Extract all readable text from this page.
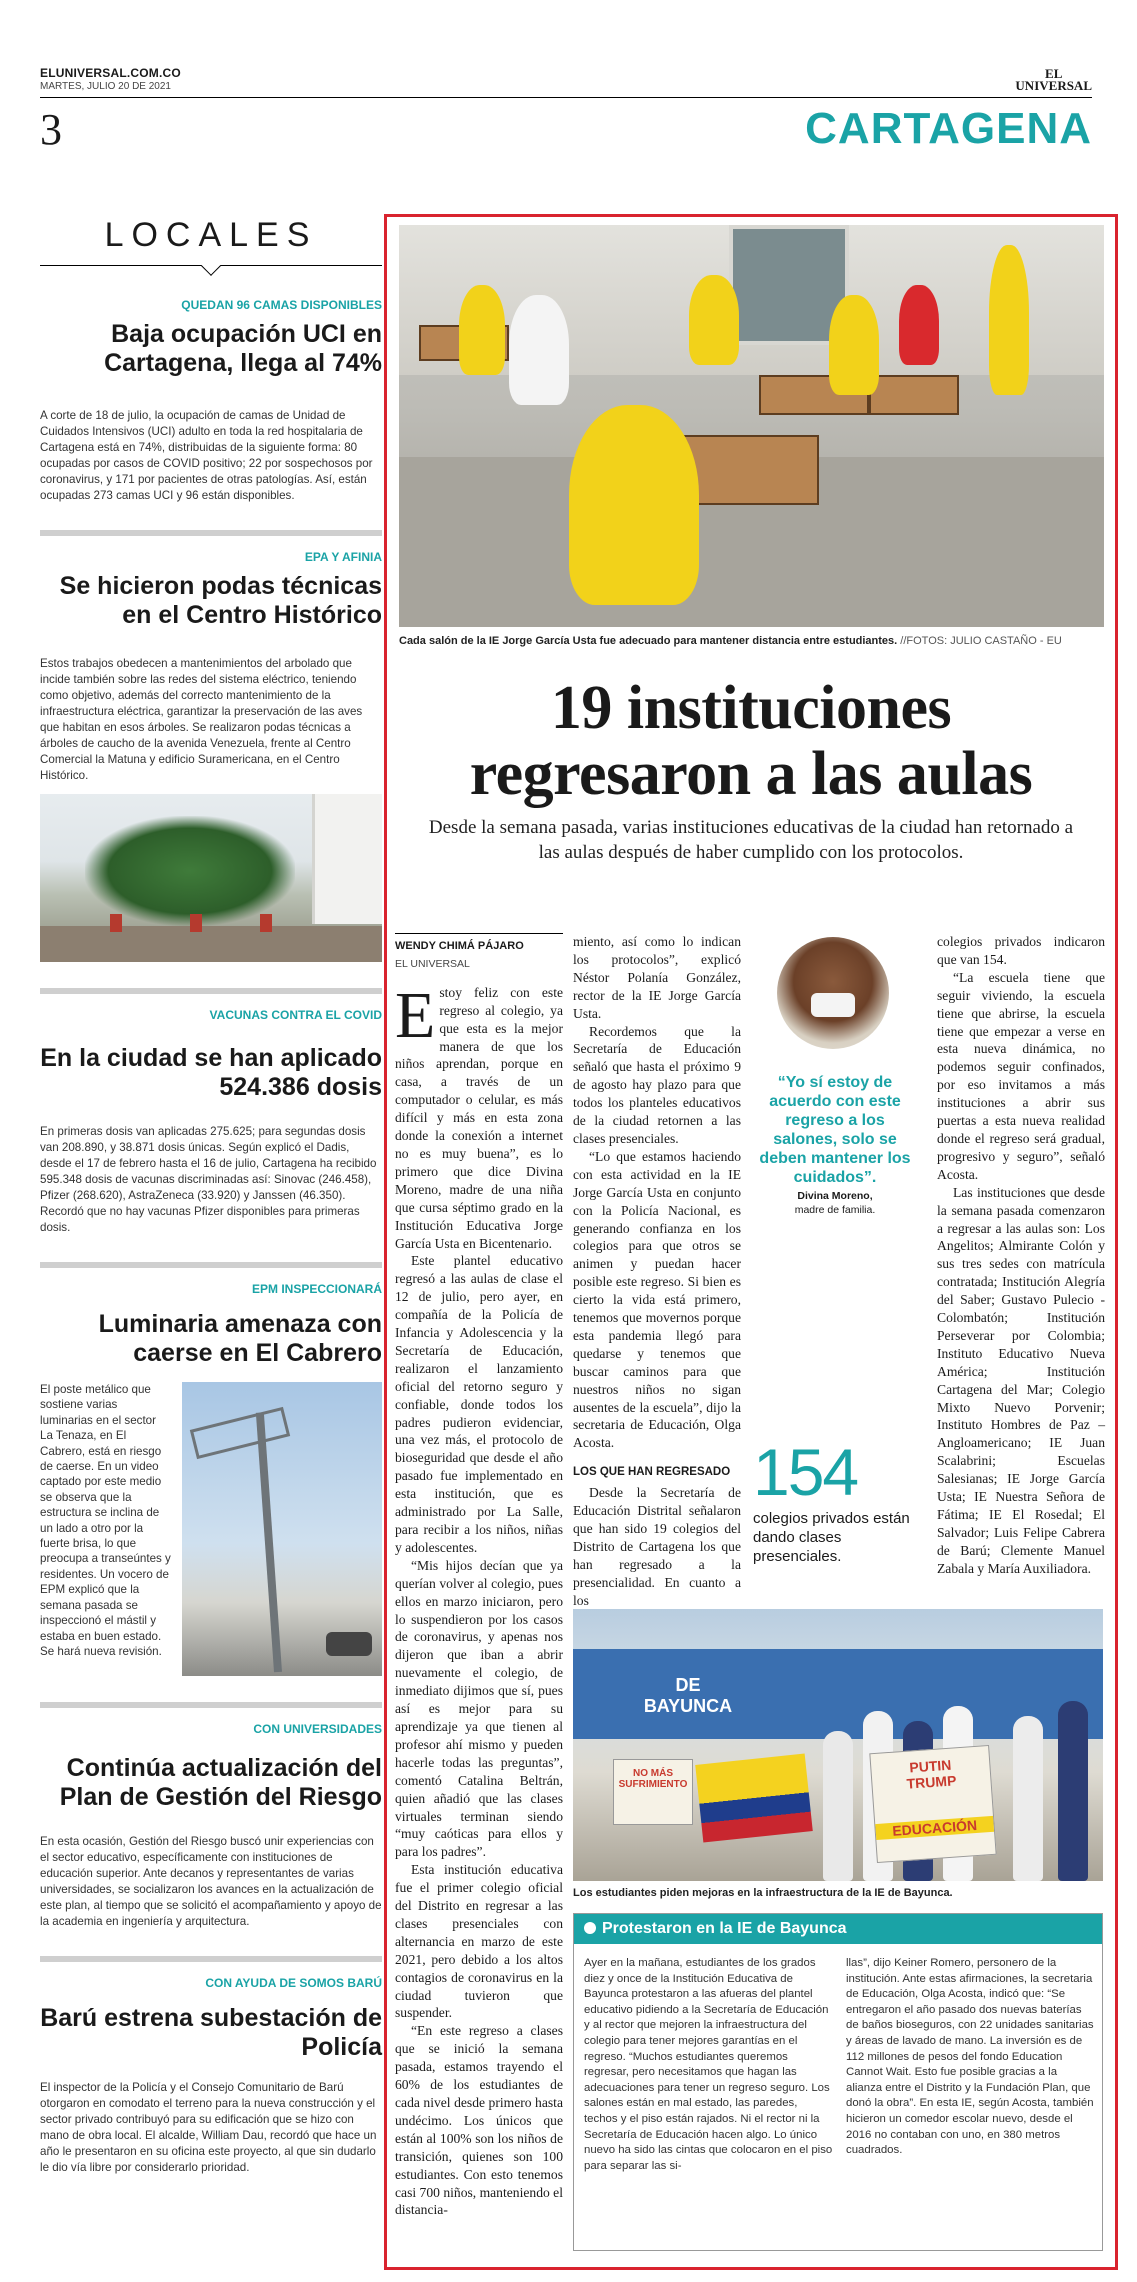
ELUNIVERSAL.COM.CO
MARTES, JULIO 20 DE 2021
EL
UNIVERSAL
3	CARTAGENA
LOCALES
QUEDAN 96 CAMAS DISPONIBLES
Baja ocupación UCI en Cartagena, llega al 74%
A corte de 18 de julio, la ocupación de camas de Unidad de Cuidados Intensivos (UCI) adulto en toda la red hospitalaria de Cartagena está en 74%, distribuidas de la siguiente forma: 80 ocupadas por casos de COVID positivo; 22 por sospechosos por coronavirus, y 171 por pacientes de otras patologías. Así, están ocupadas 273 camas UCI y 96 están disponibles.
EPA Y AFINIA
Se hicieron podas técnicas en el Centro Histórico
Estos trabajos obedecen a mantenimientos del arbolado que incide también sobre las redes del sistema eléctrico, teniendo como objetivo, además del correcto mantenimiento de la infraestructura eléctrica, garantizar la preservación de las aves que habitan en esos árboles. Se realizaron podas técnicas a árboles de caucho de la avenida Venezuela, frente al Centro Comercial la Matuna y edificio Suramericana, en el Centro Histórico.
VACUNAS CONTRA EL COVID
En la ciudad se han aplicado 524.386 dosis
En primeras dosis van aplicadas 275.625; para segundas dosis van 208.890, y 38.871 dosis únicas. Según explicó el Dadis, desde el 17 de febrero hasta el 16 de julio, Cartagena ha recibido 595.348 dosis de vacunas discriminadas así: Sinovac (246.458), Pfizer (268.620), AstraZeneca (33.920) y Janssen (46.350). Recordó que no hay vacunas Pfizer disponibles para primeras dosis.
EPM INSPECCIONARÁ
Luminaria amenaza con caerse en El Cabrero
El poste metálico que sostiene varias luminarias en el sector La Tenaza, en El Cabrero, está en riesgo de caerse. En un video captado por este medio se observa que la estructura se inclina de un lado a otro por la fuerte brisa, lo que preocupa a transeúntes y residentes. Un vocero de EPM explicó que la semana pasada se inspeccionó el mástil y estaba en buen estado. Se hará nueva revisión.
CON UNIVERSIDADES
Continúa actualización del Plan de Gestión del Riesgo
En esta ocasión, Gestión del Riesgo buscó unir experiencias con el sector educativo, específicamente con instituciones de educación superior. Ante decanos y representantes de varias universidades, se socializaron los avances en la actualización de este plan, al tiempo que se solicitó el acompañamiento y apoyo de la academia en ingeniería y arquitectura.
CON AYUDA DE SOMOS BARÚ
Barú estrena subestación de Policía
El inspector de la Policía y el Consejo Comunitario de Barú otorgaron en comodato el terreno para la nueva construcción y el sector privado contribuyó para su edificación que se hizo con mano de obra local. El alcalde, William Dau, recordó que hace un año le presentaron en su oficina este proyecto, al que sin dudarlo le dio vía libre por considerarlo prioridad.
Cada salón de la IE Jorge García Usta fue adecuado para mantener distancia entre estudiantes. //FOTOS: JULIO CASTAÑO - EU
19 instituciones
regresaron a las aulas
Desde la semana pasada, varias instituciones educativas de la ciudad han retornado a las aulas después de haber cumplido con los protocolos.
WENDY CHIMÁ PÁJARO
EL UNIVERSAL

Estoy feliz con este regreso al colegio, ya que esta es la mejor manera de que los niños aprendan, porque en casa, a través de un computador o celular, es más difícil y más en esta zona donde la conexión a internet no es muy buena”, es lo primero que dice Divina Moreno, madre de una niña que cursa séptimo grado en la Institución Educativa Jorge García Usta en Bicentenario.

Este plantel educativo regresó a las aulas de clase el 12 de julio, pero ayer, en compañía de la Policía de Infancia y Adolescencia y la Secretaría de Educación, realizaron el lanzamiento oficial del retorno seguro y confiable, donde todos los padres pudieron evidenciar, una vez más, el protocolo de bioseguridad que desde el año pasado fue implementado en esta institución, que es administrado por La Salle, para recibir a los niños, niñas y adolescentes.

“Mis hijos decían que ya querían volver al colegio, pues ellos en marzo iniciaron, pero lo suspendieron por los casos de coronavirus, y apenas nos dijeron que iban a abrir nuevamente el colegio, de inmediato dijimos que sí, pues así es mejor para su aprendizaje ya que tienen al profesor ahí mismo y pueden hacerle todas las preguntas”, comentó Catalina Beltrán, quien añadió que las clases virtuales terminan siendo “muy caóticas para ellos y para los padres”.

Esta institución educativa fue el primer colegio oficial del Distrito en regresar a las clases presenciales con alternancia en marzo de este 2021, pero debido a los altos contagios de coronavirus en la ciudad tuvieron que suspender.

“En este regreso a clases que se inició la semana pasada, estamos trayendo el 60% de los estudiantes de cada nivel desde primero hasta undécimo. Los únicos que están al 100% son los niños de transición, quienes son 100 estudiantes. Con esto tenemos casi 700 niños, manteniendo el distancia-

miento, así como lo indican los protocolos”, explicó Néstor Polanía González, rector de la IE Jorge García Usta.

Recordemos que la Secretaría de Educación señaló que hasta el próximo 9 de agosto hay plazo para que todos los planteles educativos de la ciudad retornen a las clases presenciales.

“Lo que estamos haciendo con esta actividad en la IE Jorge García Usta en conjunto con la Policía Nacional, es generando confianza en los colegios para que otros se animen y puedan hacer posible este regreso. Si bien es cierto la vida está primero, tenemos que movernos porque esta pandemia llegó para quedarse y tenemos que buscar caminos para que nuestros niños no sigan ausentes de la escuela”, dijo la secretaria de Educación, Olga Acosta.

LOS QUE HAN REGRESADO

Desde la Secretaría de Educación Distrital señalaron que han sido 19 colegios del Distrito de Cartagena los que han regresado a la presencialidad. En cuanto a los

“Yo sí estoy de acuerdo con este regreso a los salones, solo se deben mantener los cuidados”.
Divina Moreno,
madre de familia.
154
colegios privados están dando clases presenciales.

colegios privados indicaron que van 154.

“La escuela tiene que seguir viviendo, la escuela tiene que abrirse, la escuela tiene que empezar a verse en esta nueva dinámica, no podemos seguir confinados, por eso invitamos a más instituciones a abrir sus puertas a esta nueva realidad donde el regreso será gradual, progresivo y seguro”, señaló Acosta.

Las instituciones que desde la semana pasada comenzaron a regresar a las aulas son: Los Angelitos; Almirante Colón y sus tres sedes con matrícula contratada; Institución Alegría del Saber; Gustavo Pulecio -Colombatón; Institución Perseverar por Colombia; Instituto Educativo Nueva América; Institución Cartagena del Mar; Colegio Mixto Nuevo Porvenir; Instituto Hombres de Paz – Angloamericano; IE Juan Scalabrini; Escuelas Salesianas; IE Jorge García Usta; IE Nuestra Señora de Fátima; IE El Rosedal; El Salvador; Luis Felipe Cabrera de Barú; Clemente Manuel Zabala y María Auxiliadora.

DE BAYUNCA
NO MÁS SUFRIMIENTO
PUTIN
TRUMP
EDUCACIÓN
Los estudiantes piden mejoras en la infraestructura de la IE de Bayunca.
Protestaron en la IE de Bayunca
Ayer en la mañana, estudiantes de los grados diez y once de la Institución Educativa de Bayunca protestaron a las afueras del plantel educativo pidiendo a la Secretaría de Educación y al rector que mejoren la infraestructura del colegio para tener mejores garantías en el regreso. “Muchos estudiantes queremos regresar, pero necesitamos que hagan las adecuaciones para tener un regreso seguro. Los salones están en mal estado, las paredes, techos y el piso están rajados. Ni el rector ni la Secretaría de Educación hacen algo. Lo único nuevo ha sido las cintas que colocaron en el piso para separar las si-
llas”, dijo Keiner Romero, personero de la institución. Ante estas afirmaciones, la secretaria de Educación, Olga Acosta, indicó que: “Se entregaron el año pasado dos nuevas baterías de baños bioseguros, con 22 unidades sanitarias y áreas de lavado de mano. La inversión es de 112 millones de pesos del fondo Education Cannot Wait. Esto fue posible gracias a la alianza entre el Distrito y la Fundación Plan, que donó la obra”. En esta IE, según Acosta, también hicieron un comedor escolar nuevo, desde el 2016 no contaban con uno, en 380 metros cuadrados.
